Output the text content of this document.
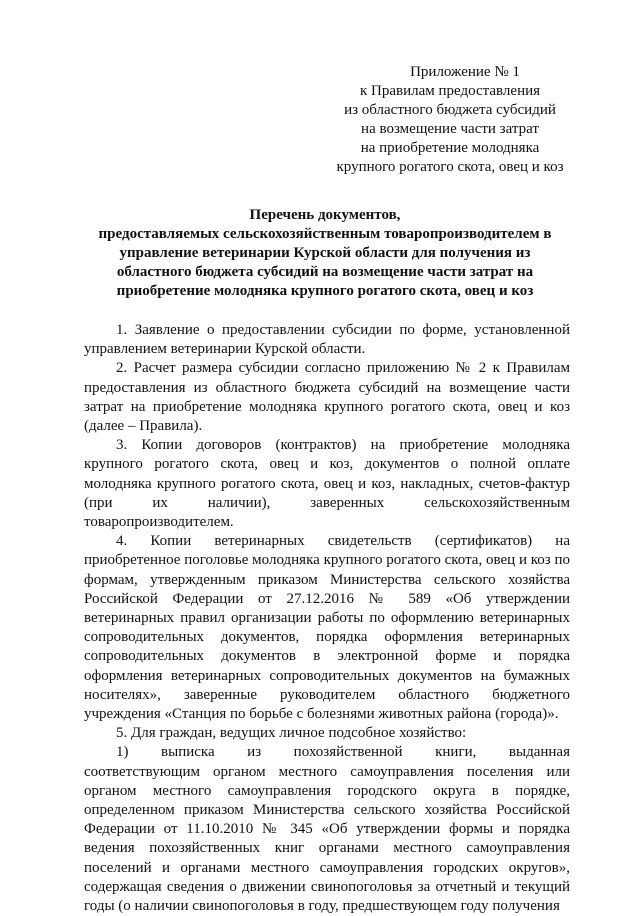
Приложение № 1
к Правилам предоставления
из областного бюджета субсидий
на возмещение части затрат
на приобретение молодняка
крупного рогатого скота, овец и коз
Перечень документов,
предоставляемых сельскохозяйственным товаропроизводителем в
управление ветеринарии Курской области для получения из
областного бюджета субсидий на возмещение части затрат на
приобретение молодняка крупного рогатого скота, овец и коз

1. Заявление о предоставлении субсидии по форме, установленной управлением ветеринарии Курской области.

2. Расчет размера субсидии согласно приложению № 2 к Правилам предоставления из областного бюджета субсидий на возмещение части затрат на приобретение молодняка крупного рогатого скота, овец и коз (далее – Правила).

3. Копии договоров (контрактов) на приобретение молодняка крупного рогатого скота, овец и коз, документов о полной оплате молодняка крупного рогатого скота, овец и коз, накладных, счетов-фактур (при их наличии), заверенных сельскохозяйственным товаропроизводителем.

4. Копии ветеринарных свидетельств (сертификатов) на приобретенное поголовье молодняка крупного рогатого скота, овец и коз по формам, утвержденным приказом Министерства сельского хозяйства Российской Федерации от 27.12.2016 № 589 «Об утверждении ветеринарных правил организации работы по оформлению ветеринарных сопроводительных документов, порядка оформления ветеринарных сопроводительных документов в электронной форме и порядка оформления ветеринарных сопроводительных документов на бумажных носителях», заверенные руководителем областного бюджетного учреждения «Станция по борьбе с болезнями животных района (города)».

5. Для граждан, ведущих личное подсобное хозяйство:

1) выписка из похозяйственной книги, выданная

соответствующим органом местного самоуправления поселения или органом местного самоуправления городского округа в порядке, определенном приказом Министерства сельского хозяйства Российской Федерации от 11.10.2010 № 345 «Об утверждении формы и порядка ведения похозяйственных книг органами местного самоуправления поселений и органами местного самоуправления городских округов», содержащая сведения о движении свинопоголовья за отчетный и текущий годы (о наличии свинопоголовья в году, предшествующем году получения
